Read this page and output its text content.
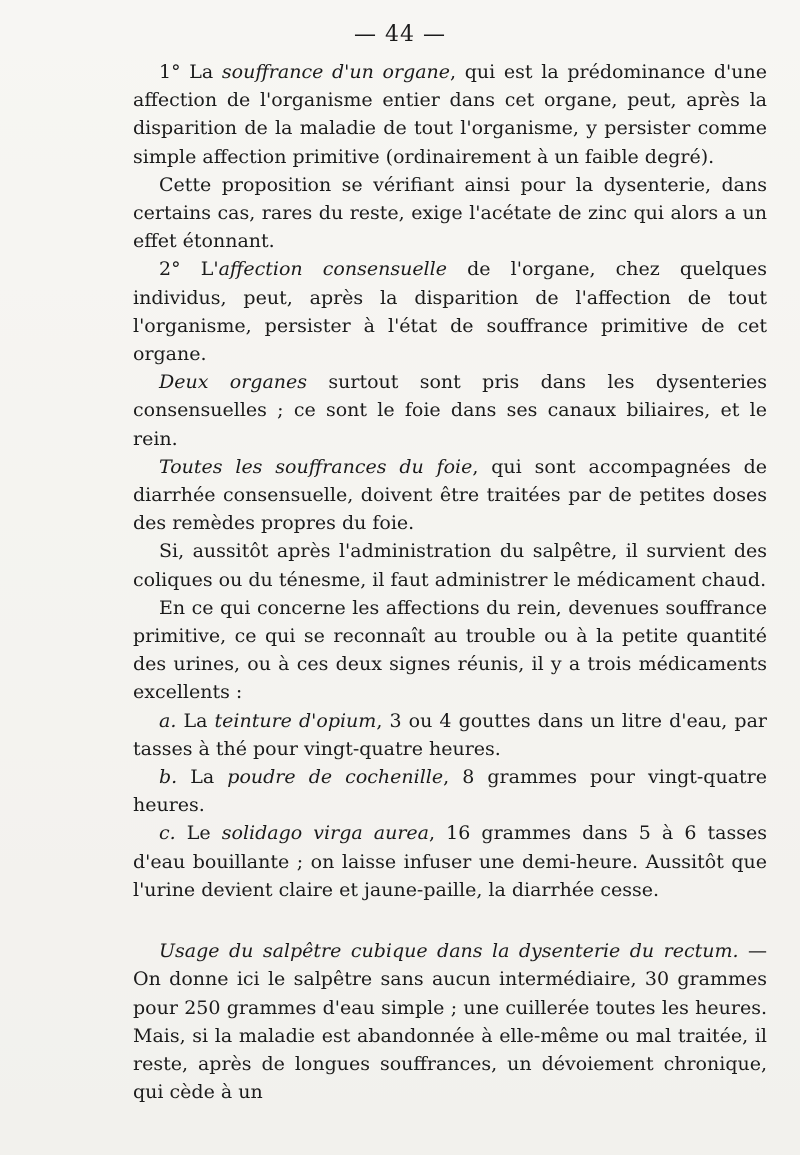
— 44 —

1° La souffrance d'un organe, qui est la prédominance d'une affection de l'organisme entier dans cet organe, peut, après la disparition de la maladie de tout l'organisme, y persister comme simple affection primitive (ordinairement à un faible degré).

Cette proposition se vérifiant ainsi pour la dysenterie, dans certains cas, rares du reste, exige l'acétate de zinc qui alors a un effet étonnant.

2° L'affection consensuelle de l'organe, chez quelques individus, peut, après la disparition de l'affection de tout l'organisme, persister à l'état de souffrance primitive de cet organe.

Deux organes surtout sont pris dans les dysenteries consensuelles ; ce sont le foie dans ses canaux biliaires, et le rein.

Toutes les souffrances du foie, qui sont accompagnées de diarrhée consensuelle, doivent être traitées par de petites doses des remèdes propres du foie.

Si, aussitôt après l'administration du salpêtre, il survient des coliques ou du ténesme, il faut administrer le médicament chaud.

En ce qui concerne les affections du rein, devenues souffrance primitive, ce qui se reconnaît au trouble ou à la petite quantité des urines, ou à ces deux signes réunis, il y a trois médicaments excellents :

a. La teinture d'opium, 3 ou 4 gouttes dans un litre d'eau, par tasses à thé pour vingt-quatre heures.

b. La poudre de cochenille, 8 grammes pour vingt-quatre heures.

c. Le solidago virga aurea, 16 grammes dans 5 à 6 tasses d'eau bouillante ; on laisse infuser une demi-heure. Aussitôt que l'urine devient claire et jaune-paille, la diarrhée cesse.

Usage du salpêtre cubique dans la dysenterie du rectum. — On donne ici le salpêtre sans aucun intermédiaire, 30 grammes pour 250 grammes d'eau simple ; une cuillerée toutes les heures. Mais, si la maladie est abandonnée à elle-même ou mal traitée, il reste, après de longues souffrances, un dévoiement chronique, qui cède à un
